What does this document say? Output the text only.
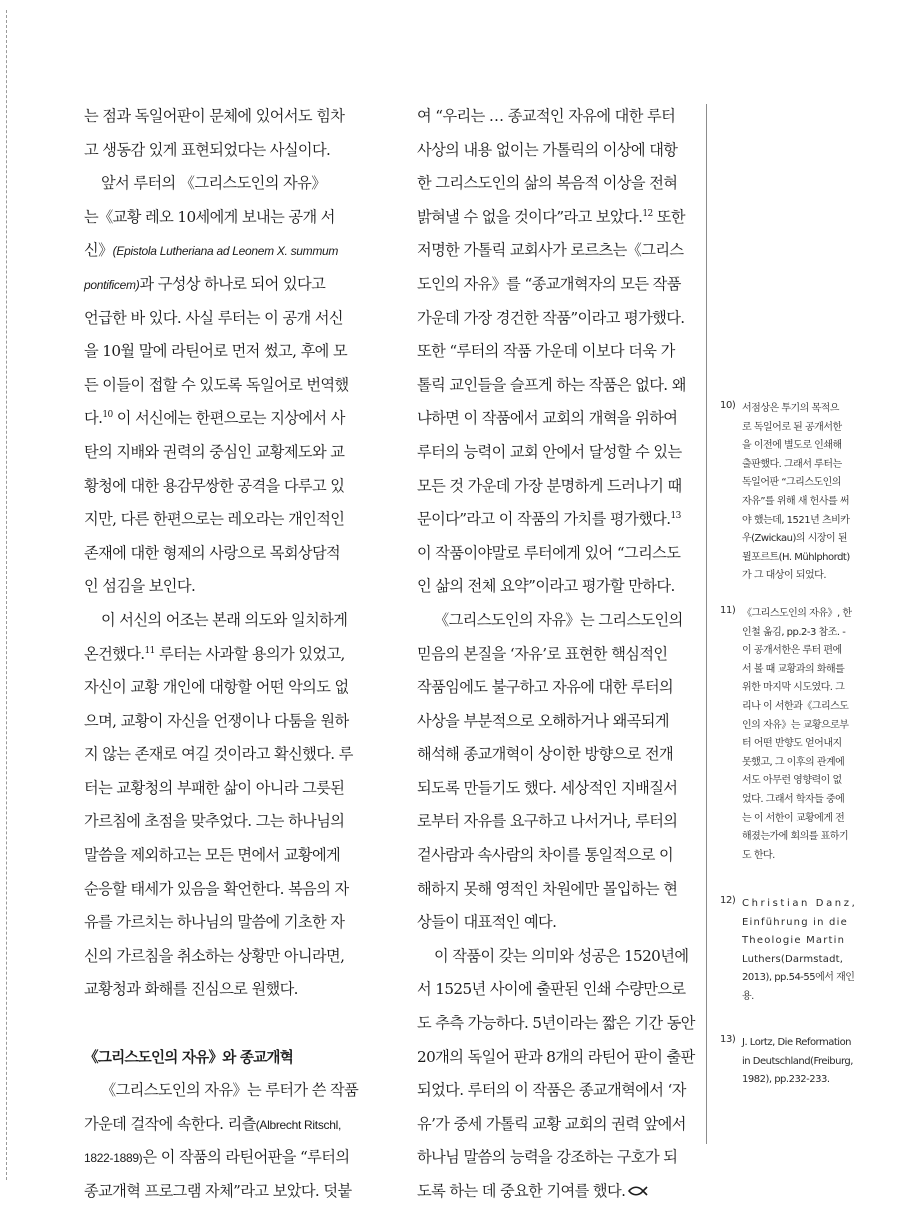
는 점과 독일어판이 문체에 있어서도 힘차
고 생동감 있게 표현되었다는 사실이다.
앞서 루터의 《그리스도인의 자유》
는《교황 레오 10세에게 보내는 공개 서
신》(Epistola Lutheriana ad Leonem X. summum
pontificem)과 구성상 하나로 되어 있다고
언급한 바 있다. 사실 루터는 이 공개 서신
을 10월 말에 라틴어로 먼저 썼고, 후에 모
든 이들이 접할 수 있도록 독일어로 번역했
다.$^{10}$ 이 서신에는 한편으로는 지상에서 사
탄의 지배와 권력의 중심인 교황제도와 교
황청에 대한 용감무쌍한 공격을 다루고 있
지만, 다른 한편으로는 레오라는 개인적인
존재에 대한 형제의 사랑으로 목회상담적
인 섬김을 보인다.
이 서신의 어조는 본래 의도와 일치하게
온건했다.$^{11}$ 루터는 사과할 용의가 있었고,
자신이 교황 개인에 대항할 어떤 악의도 없
으며, 교황이 자신을 언쟁이나 다툼을 원하
지 않는 존재로 여길 것이라고 확신했다. 루
터는 교황청의 부패한 삶이 아니라 그릇된
가르침에 초점을 맞추었다. 그는 하나님의
말씀을 제외하고는 모든 면에서 교황에게
순응할 태세가 있음을 확언한다. 복음의 자
유를 가르치는 하나님의 말씀에 기초한 자
신의 가르침을 취소하는 상황만 아니라면,
교황청과 화해를 진심으로 원했다.
《그리스도인의 자유》와 종교개혁
《그리스도인의 자유》는 루터가 쓴 작품
가운데 걸작에 속한다. 리츨(Albrecht Ritschl,
1822-1889)은 이 작품의 라틴어판을 “루터의
종교개혁 프로그램 자체”라고 보았다. 덧붙
여 “우리는 … 종교적인 자유에 대한 루터
사상의 내용 없이는 가톨릭의 이상에 대항
한 그리스도인의 삶의 복음적 이상을 전혀
밝혀낼 수 없을 것이다”라고 보았다.$^{12}$ 또한
저명한 가톨릭 교회사가 로르츠는《그리스
도인의 자유》를 “종교개혁자의 모든 작품
가운데 가장 경건한 작품”이라고 평가했다.
또한 “루터의 작품 가운데 이보다 더욱 가
톨릭 교인들을 슬프게 하는 작품은 없다. 왜
냐하면 이 작품에서 교회의 개혁을 위하여
루터의 능력이 교회 안에서 달성할 수 있는
모든 것 가운데 가장 분명하게 드러나기 때
문이다”라고 이 작품의 가치를 평가했다.$^{13}$
이 작품이야말로 루터에게 있어 “그리스도
인 삶의 전체 요약”이라고 평가할 만하다.
《그리스도인의 자유》는 그리스도인의
믿음의 본질을 ‘자유’로 표현한 핵심적인
작품임에도 불구하고 자유에 대한 루터의
사상을 부분적으로 오해하거나 왜곡되게
해석해 종교개혁이 상이한 방향으로 전개
되도록 만들기도 했다. 세상적인 지배질서
로부터 자유를 요구하고 나서거나, 루터의
겉사람과 속사람의 차이를 통일적으로 이
해하지 못해 영적인 차원에만 몰입하는 현
상들이 대표적인 예다.
이 작품이 갖는 의미와 성공은 1520년에
서 1525년 사이에 출판된 인쇄 수량만으로
도 추측 가능하다. 5년이라는 짧은 기간 동안
20개의 독일어 판과 8개의 라틴어 판이 출판
되었다. 루터의 이 작품은 종교개혁에서 ‘자
유’가 중세 가톨릭 교황 교회의 권력 앞에서
하나님 말씀의 능력을 강조하는 구호가 되
도록 하는 데 중요한 기여를 했다.
10) 서점상은 투기의 목적으
로 독일어로 된 공개서한
을 이전에 별도로 인쇄해
출판했다. 그래서 루터는
독일어판 “그리스도인의
자유”를 위해 새 헌사를 써
야 했는데, 1521년 츠비카
우(Zwickau)의 시장이 된
뮐포르트(H. Mühlphordt)
가 그 대상이 되었다.
11) 《그리스도인의 자유》, 한
인철 옮김, pp.2-3 참조. -
이 공개서한은 루터 편에
서 볼 때 교황과의 화해를
위한 마지막 시도였다. 그
리나 이 서한과《그리스도
인의 자유》는 교황으로부
터 어떤 반향도 얻어내지
못했고, 그 이후의 관계에
서도 아무런 영향력이 없
었다. 그래서 학자들 중에
는 이 서한이 교황에게 전
해졌는가에 회의를 표하기
도 한다.
12) Christian Danz,
Einführung in die
Theologie Martin
Luthers(Darmstadt,
2013), pp.54-55에서 재인
용.
13) J. Lortz, Die Reformation
in Deutschland(Freiburg,
1982), pp.232-233.
